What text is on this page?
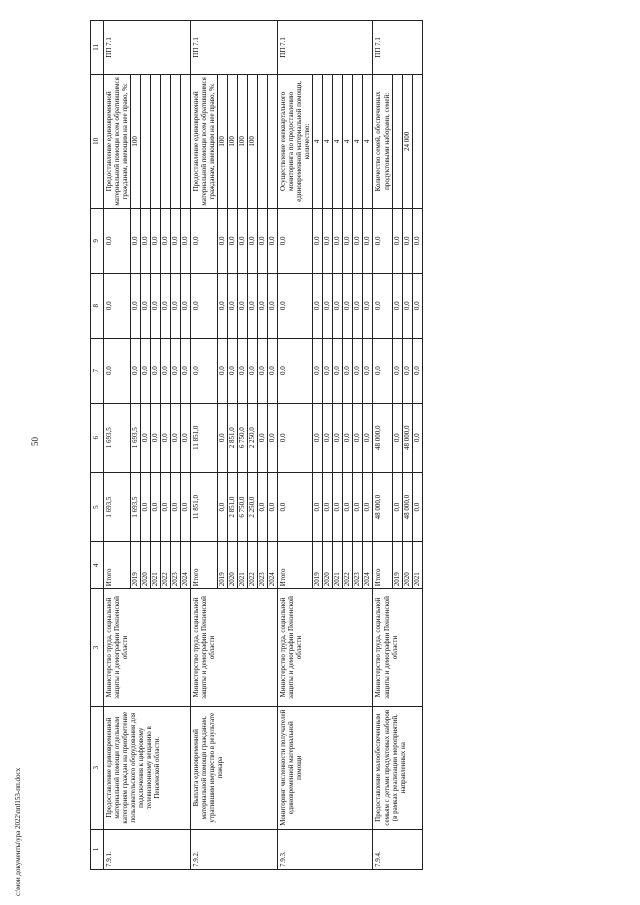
50
c:\мои документы\ура 2022\ппl153-пп.docx	1	3	3	4	5	6	7	8	9	10	11
7.9.1.	Предоставление единовременной материальной помощи отдельным категориям граждан на приобретение пользовательского оборудования для подключения к цифровому телевизионному вещанию в Пензенской области.	Министерство труда, социальной защиты и демографии Пензенской области	Итого	1 693,5	1 693,5	0,0	0,0	0,0	Предоставление единовременной материальной помощи всем обратившимся гражданам, имеющим на нее право, %:	ПП 7.1
			2019	1 693,5	1 693,5	0,0	0,0	0,0	100	
			2020	0,0	0,0	0,0	0,0	0,0		
			2021	0,0	0,0	0,0	0,0	0,0		
			2022	0,0	0,0	0,0	0,0	0,0		
			2023	0,0	0,0	0,0	0,0	0,0		
			2024	0,0	0,0	0,0	0,0	0,0		
7.9.2.	Выплата единовременной материальной помощи гражданам, утратившим имущество в результате пожара	Министерство труда, социальной защиты и демографии Пензенской области	Итого	11 851,0	11 851,0	0,0	0,0	0,0	Предоставление единовременной материальной помощи всем обратившимся гражданам, имеющим на нее право, %:	ПП 7.1
			2019	0,0	0,0	0,0	0,0	0,0	100	
			2020	2 851,0	2 851,0	0,0	0,0	0,0	100	
			2021	6 750,0	6 750,0	0,0	0,0	0,0	100	
			2022	2 250,0	2 250,0	0,0	0,0	0,0	100	
			2023	0,0	0,0	0,0	0,0	0,0		
			2024	0,0	0,0	0,0	0,0	0,0		
7.9.3.	Мониторинг численности получателей единовременной материальной помощи	Министерство труда, социальной защиты и демографии Пензенской области	Итого	0,0	0,0	0,0	0,0	0,0	Осуществление ежеквартального мониторинга по предоставлению единовременной материальной помощи, количество:	ПП 7.1
			2019	0,0	0,0	0,0	0,0	0,0	4	
			2020	0,0	0,0	0,0	0,0	0,0	4	
			2021	0,0	0,0	0,0	0,0	0,0	4	
			2022	0,0	0,0	0,0	0,0	0,0	4	
			2023	0,0	0,0	0,0	0,0	0,0	4	
			2024	0,0	0,0	0,0	0,0	0,0	4	
7.9.4.	Предоставление малообеспеченным семьям с детьми продуктовых наборов (в рамках реализации мероприятий, направленных на	Министерство труда, социальной защиты и демографии Пензенской области	Итого	48 000,0	48 000,0	0,0	0,0	0,0	Количество семей, обеспеченных продуктовыми наборами, семей:	ПП 7.1
			2019	0,0	0,0	0,0	0,0	0,0		
			2020	48 000,0	48 000,0	0,0	0,0	0,0	24 000	
			2021	0,0	0,0	0,0	0,0	0,0		
